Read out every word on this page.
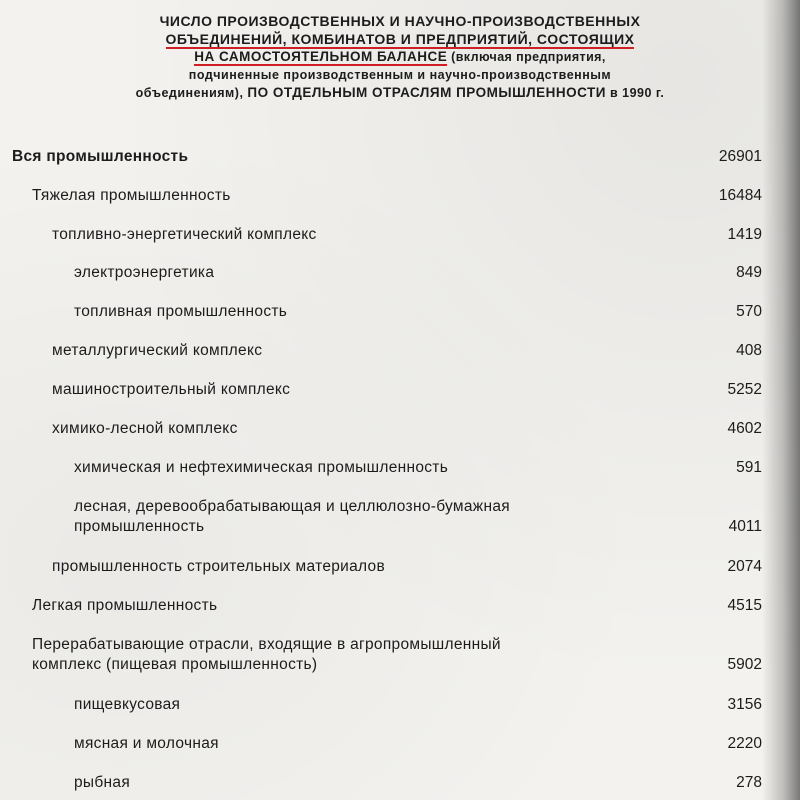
ЧИСЛО ПРОИЗВОДСТВЕННЫХ И НАУЧНО-ПРОИЗВОДСТВЕННЫХ
ОБЪЕДИНЕНИЙ, КОМБИНАТОВ И ПРЕДПРИЯТИЙ, СОСТОЯЩИХ
НА САМОСТОЯТЕЛЬНОМ БАЛАНСЕ (включая предприятия,
подчиненные производственным и научно-производственным
объединениям), ПО ОТДЕЛЬНЫМ ОТРАСЛЯМ ПРОМЫШЛЕННОСТИ в 1990 г.
Вся промышленность	26901
Тяжелая промышленность	16484
топливно-энергетический комплекс	1419
электроэнергетика	849
топливная промышленность	570
металлургический комплекс	408
машиностроительный комплекс	5252
химико-лесной комплекс	4602
химическая и нефтехимическая промышленность	591
лесная, деревообрабатывающая и целлюлозно-бумажная
промышленность	4011
промышленность строительных материалов	2074
Легкая промышленность	4515
Перерабатывающие отрасли, входящие в агропромышленный
комплекс (пищевая промышленность)	5902
пищевкусовая	3156
мясная и молочная	2220
рыбная	278
